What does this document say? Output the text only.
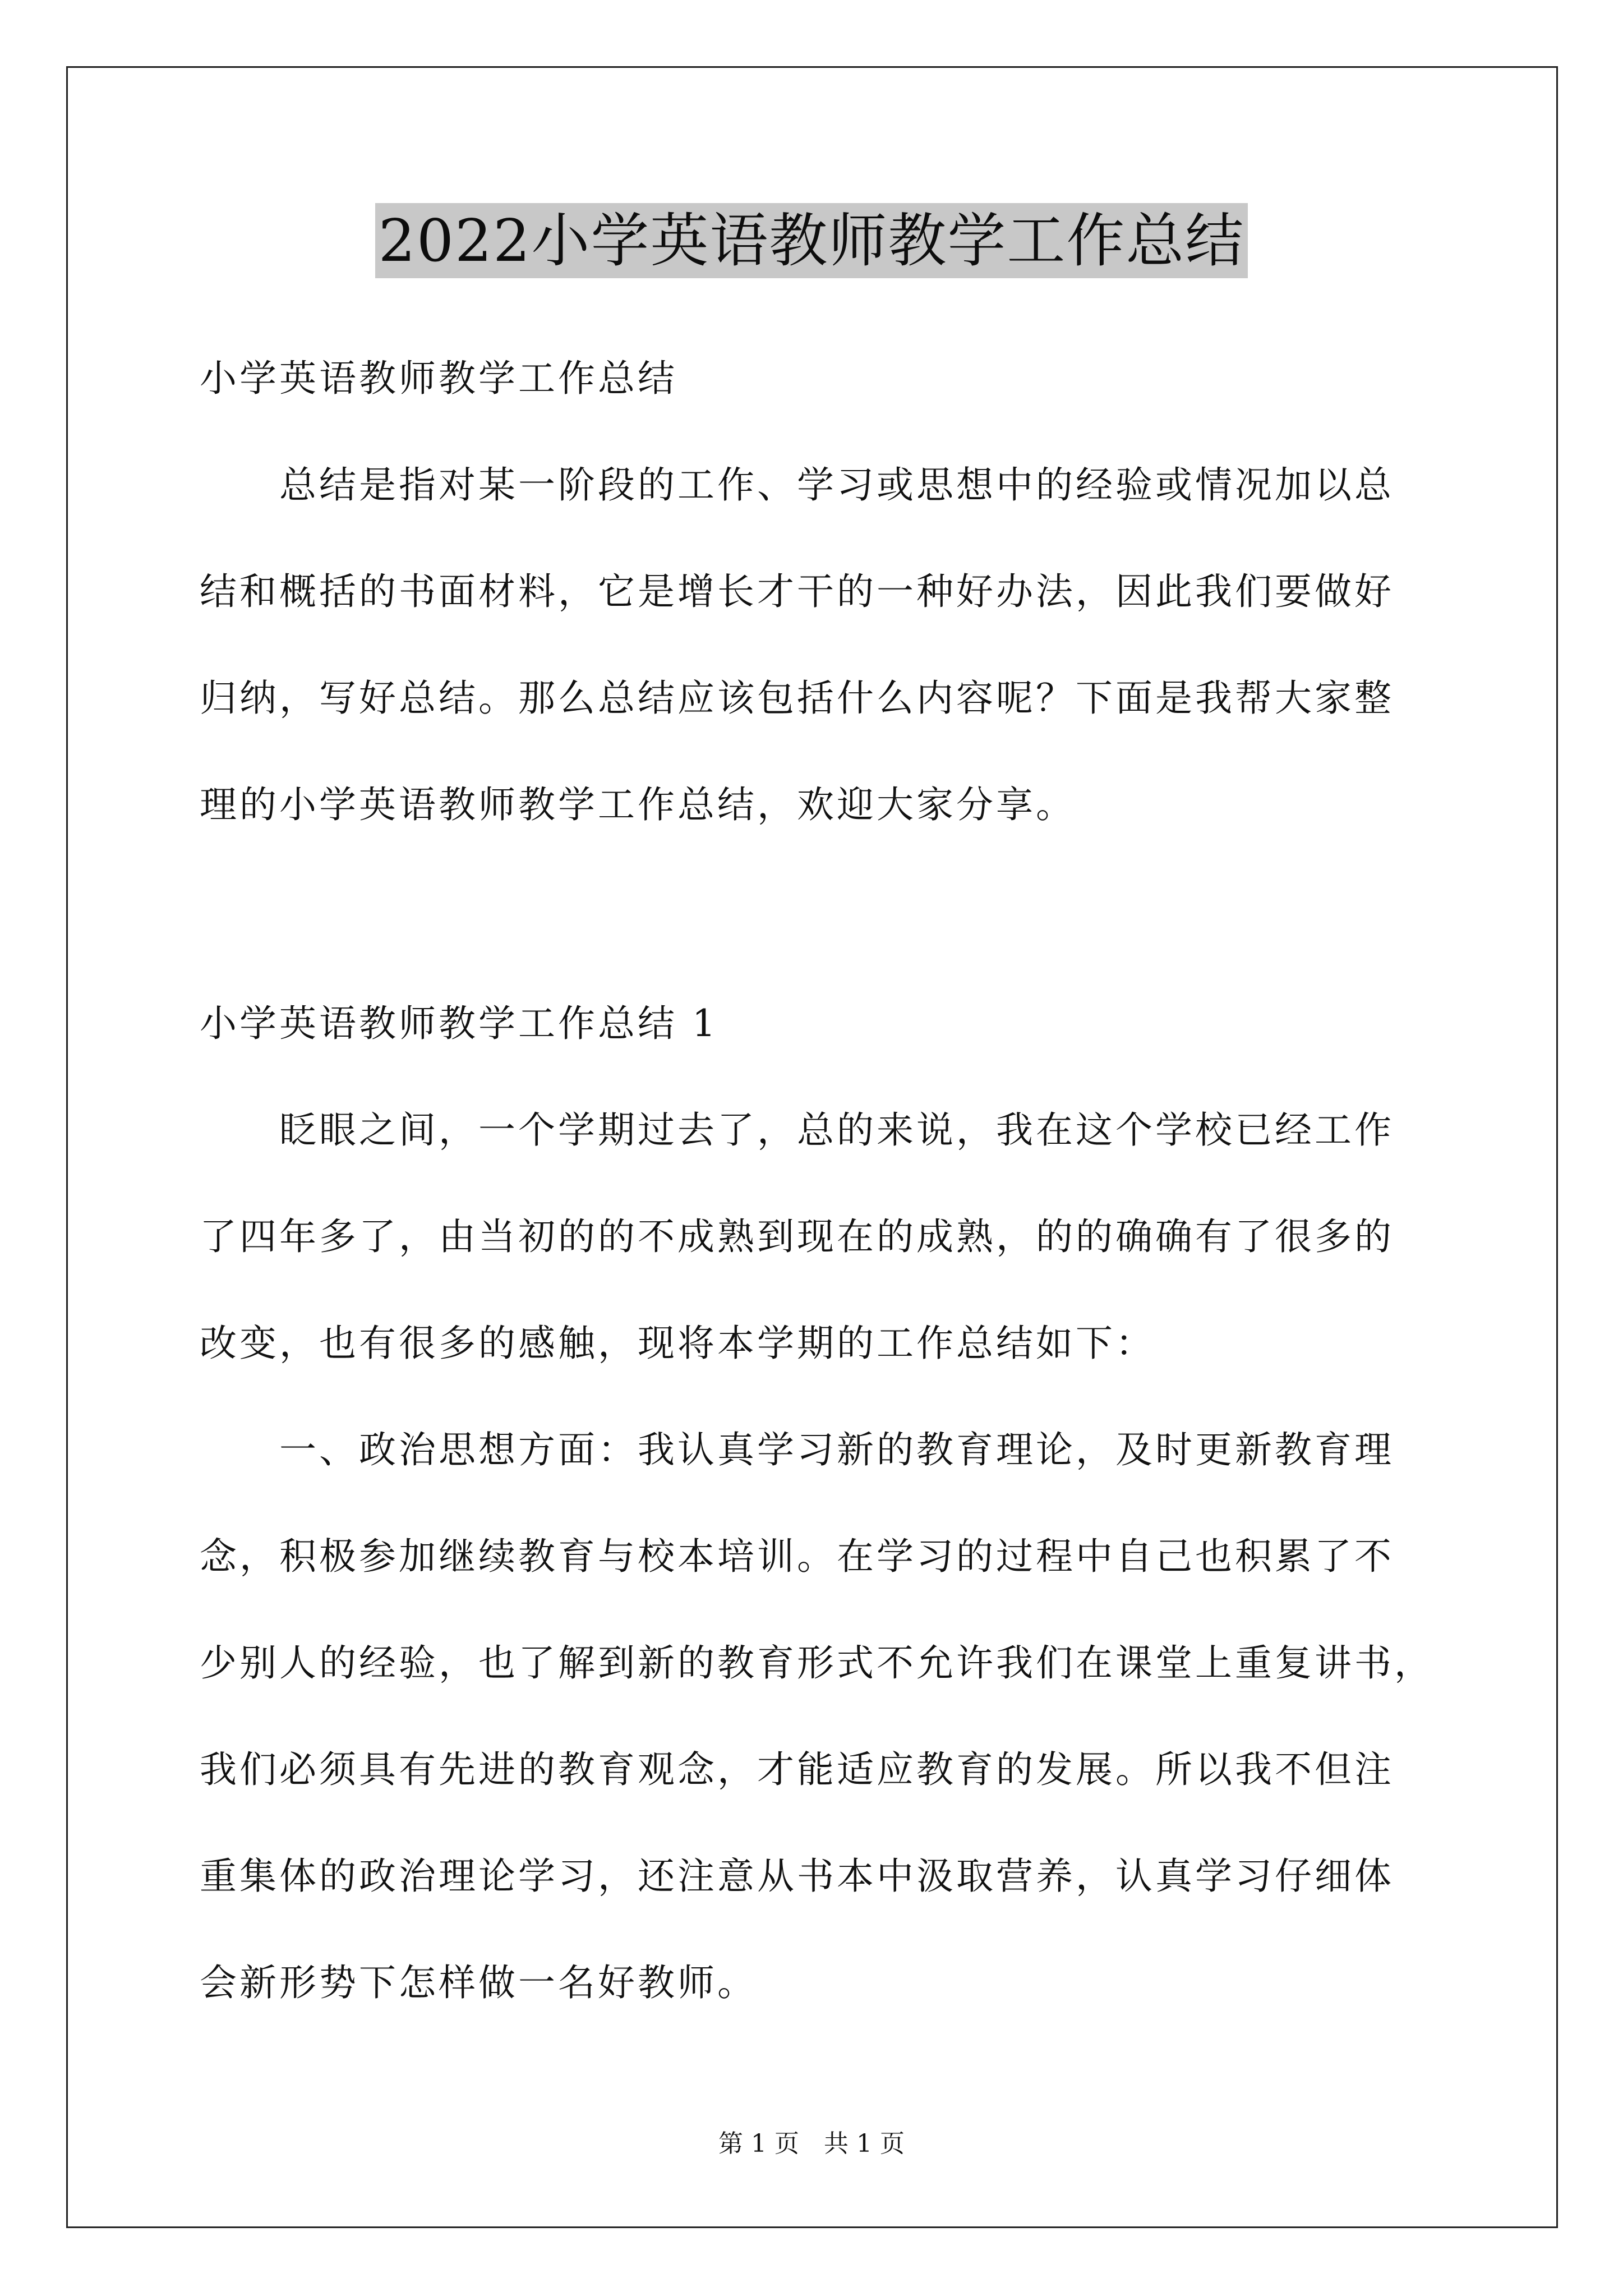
2022小学英语教师教学工作总结
小学英语教师教学工作总结
　　总结是指对某一阶段的工作、学习或思想中的经验或情况加以总
结和概括的书面材料，它是增长才干的一种好办法，因此我们要做好
归纳，写好总结。那么总结应该包括什么内容呢？下面是我帮大家整
理的小学英语教师教学工作总结，欢迎大家分享。
小学英语教师教学工作总结 1
　　眨眼之间，一个学期过去了，总的来说，我在这个学校已经工作
了四年多了，由当初的的不成熟到现在的成熟，的的确确有了很多的
改变，也有很多的感触，现将本学期的工作总结如下：
　　一、政治思想方面：我认真学习新的教育理论，及时更新教育理
念，积极参加继续教育与校本培训。在学习的过程中自己也积累了不
少别人的经验，也了解到新的教育形式不允许我们在课堂上重复讲书，
我们必须具有先进的教育观念，才能适应教育的发展。所以我不但注
重集体的政治理论学习，还注意从书本中汲取营养，认真学习仔细体
会新形势下怎样做一名好教师。
第 1 页　共 1 页
